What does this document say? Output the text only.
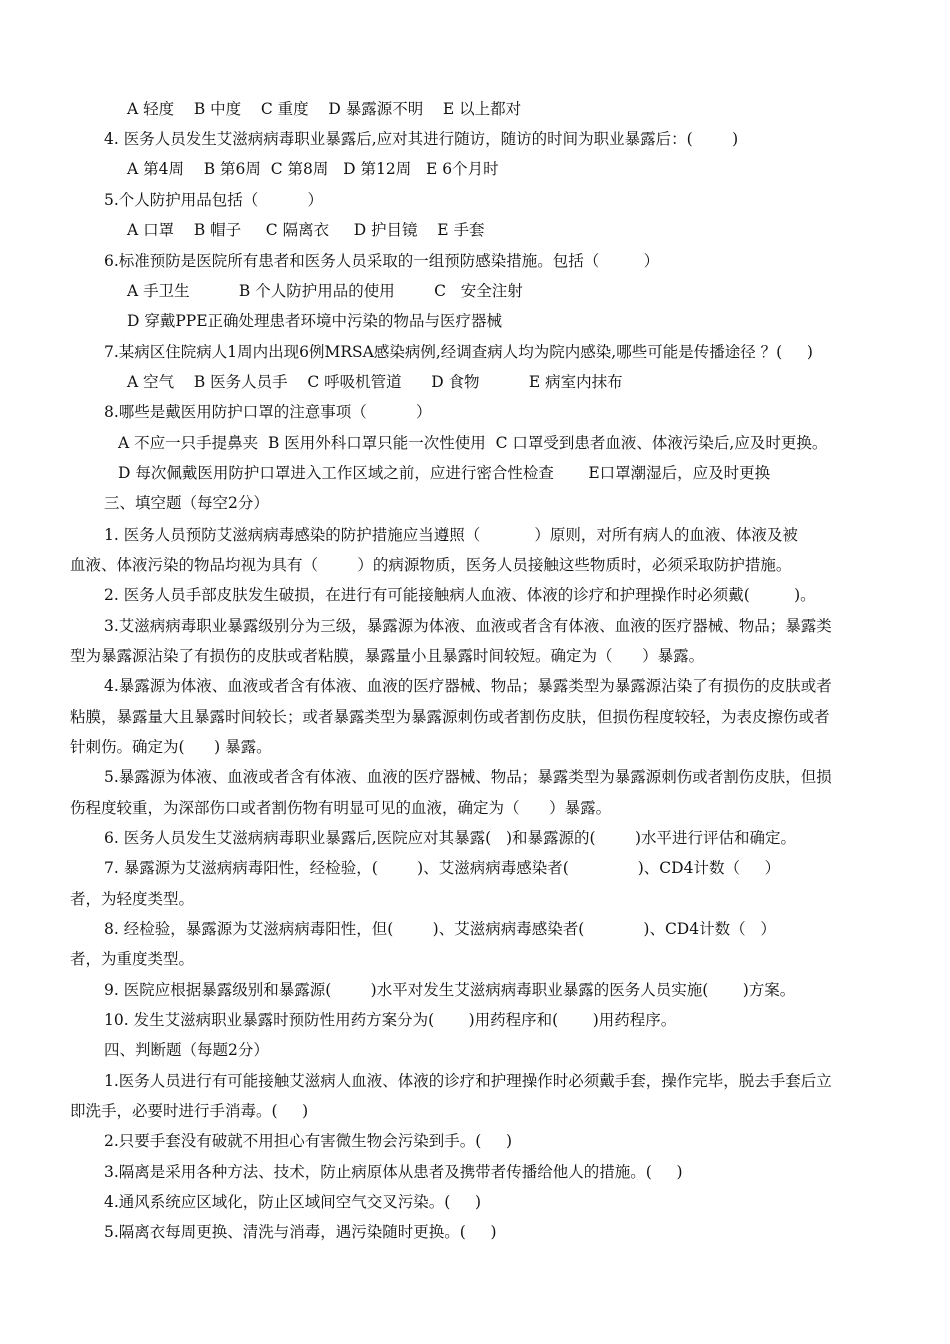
A 轻度    B 中度    C 重度    D 暴露源不明    E 以上都对
4. 医务人员发生艾滋病病毒职业暴露后,应对其进行随访，随访的时间为职业暴露后：(        )
A 第4周    B 第6周  C 第8周   D 第12周   E 6个月时
5.个人防护用品包括（          ）
A 口罩    B 帽子     C 隔离衣     D 护目镜    E 手套
6.标准预防是医院所有患者和医务人员采取的一组预防感染措施。包括（         ）
A 手卫生          B 个人防护用品的使用        C   安全注射
D 穿戴PPE正确处理患者环境中污染的物品与医疗器械
7.某病区住院病人1周内出现6例MRSA感染病例,经调查病人均为院内感染,哪些可能是传播途径 ？(     )
A 空气    B 医务人员手    C 呼吸机管道      D 食物          E 病室内抹布
8.哪些是戴医用防护口罩的注意事项（          ）
A 不应一只手提鼻夹  B 医用外科口罩只能一次性使用  C 口罩受到患者血液、体液污染后,应及时更换。
D 每次佩戴医用防护口罩进入工作区域之前，应进行密合性检查       E口罩潮湿后，应及时更换
三、填空题（每空2分）
1. 医务人员预防艾滋病病毒感染的防护措施应当遵照（           ）原则，对所有病人的血液、体液及被
血液、体液污染的物品均视为具有（        ）的病源物质，医务人员接触这些物质时，必须采取防护措施。
2. 医务人员手部皮肤发生破损，在进行有可能接触病人血液、体液的诊疗和护理操作时必须戴(         )。
3.艾滋病病毒职业暴露级别分为三级，暴露源为体液、血液或者含有体液、血液的医疗器械、物品；暴露类
型为暴露源沾染了有损伤的皮肤或者粘膜，暴露量小且暴露时间较短。确定为（      ）暴露。
4.暴露源为体液、血液或者含有体液、血液的医疗器械、物品；暴露类型为暴露源沾染了有损伤的皮肤或者
粘膜，暴露量大且暴露时间较长；或者暴露类型为暴露源刺伤或者割伤皮肤，但损伤程度较轻，为表皮擦伤或者
针刺伤。确定为(      ) 暴露。
5.暴露源为体液、血液或者含有体液、血液的医疗器械、物品；暴露类型为暴露源刺伤或者割伤皮肤，但损
伤程度较重，为深部伤口或者割伤物有明显可见的血液，确定为（      ）暴露。
6. 医务人员发生艾滋病病毒职业暴露后,医院应对其暴露(   )和暴露源的(        )水平进行评估和确定。
7. 暴露源为艾滋病病毒阳性，经检验，(        )、艾滋病病毒感染者(              )、CD4计数（     ）
者，为轻度类型。
8. 经检验，暴露源为艾滋病病毒阳性，但(        )、艾滋病病毒感染者(            )、CD4计数（   ）
者，为重度类型。
9. 医院应根据暴露级别和暴露源(        )水平对发生艾滋病病毒职业暴露的医务人员实施(       )方案。
10. 发生艾滋病职业暴露时预防性用药方案分为(       )用药程序和(       )用药程序。
四、判断题（每题2分）
1.医务人员进行有可能接触艾滋病人血液、体液的诊疗和护理操作时必须戴手套，操作完毕，脱去手套后立
即洗手，必要时进行手消毒。(     )
2.只要手套没有破就不用担心有害微生物会污染到手。(     )
3.隔离是采用各种方法、技术，防止病原体从患者及携带者传播给他人的措施。(     )
4.通风系统应区域化，防止区域间空气交叉污染。(     )
5.隔离衣每周更换、清洗与消毒，遇污染随时更换。(     )
